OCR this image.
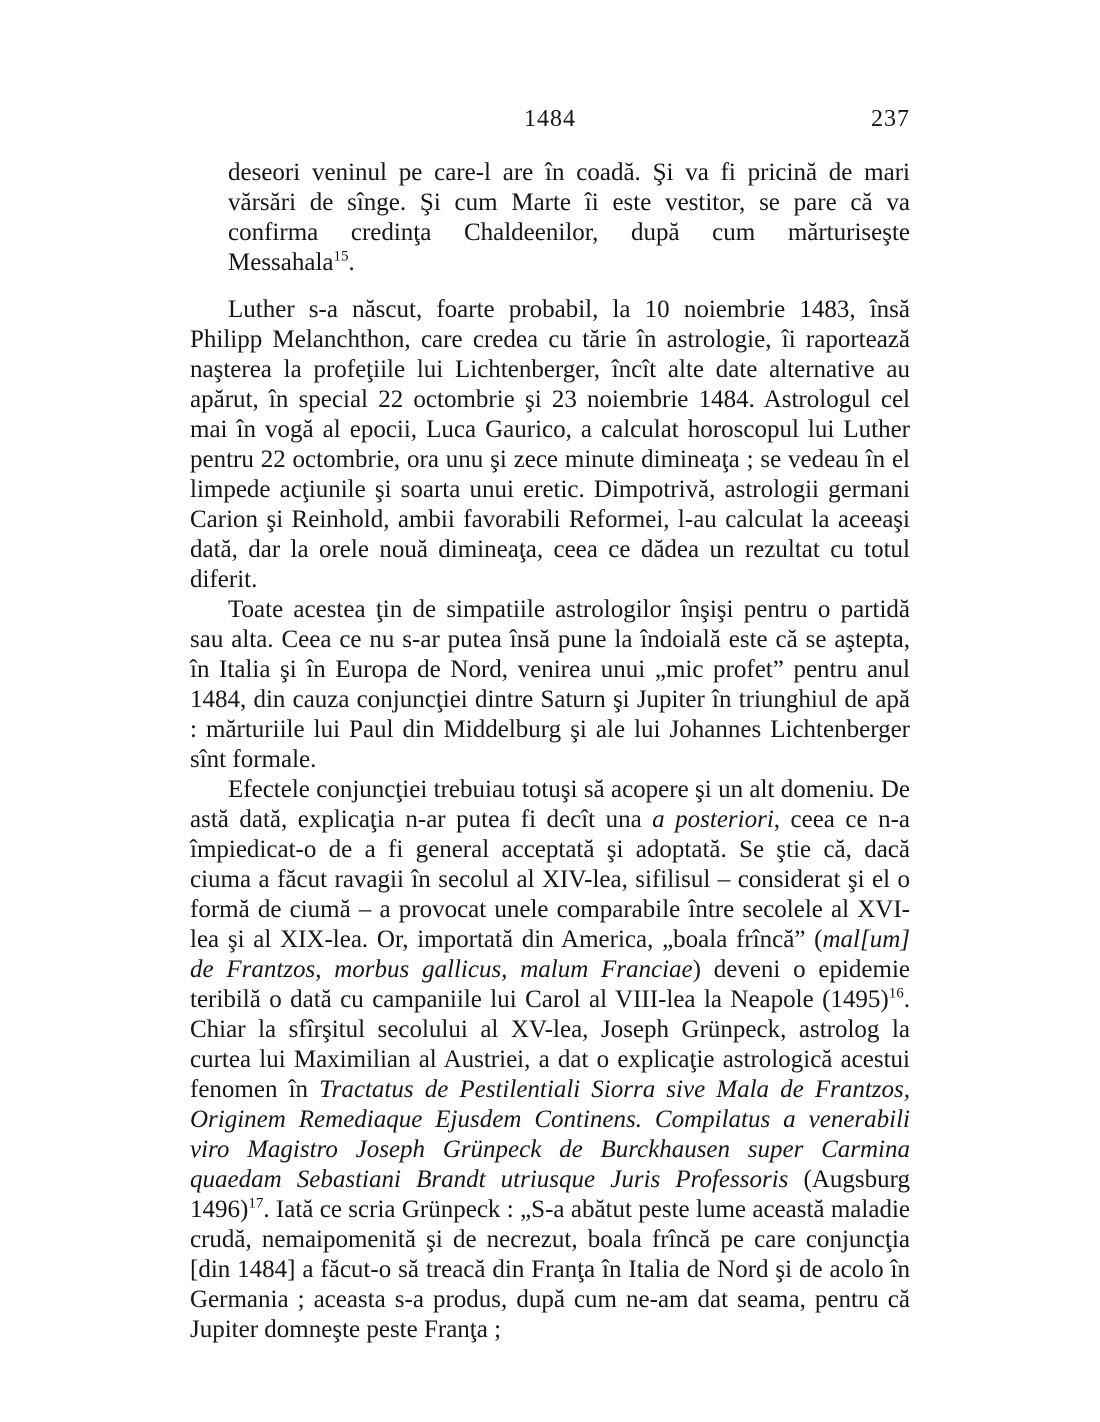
1484	237
deseori veninul pe care-l are în coadă. Şi va fi pricină de mari vărsări de sînge. Şi cum Marte îi este vestitor, se pare că va confirma credinţa Chaldeenilor, după cum mărturiseşte Messahala$^{15}$.

Luther s-a născut, foarte probabil, la 10 noiembrie 1483, însă Philipp Melanchthon, care credea cu tărie în astrologie, îi raportează naşterea la profeţiile lui Lichtenberger, încît alte date alternative au apărut, în special 22 octombrie şi 23 noiembrie 1484. Astrologul cel mai în vogă al epocii, Luca Gaurico, a calculat horoscopul lui Luther pentru 22 octombrie, ora unu şi zece minute dimineaţa ; se vedeau în el limpede acţiunile şi soarta unui eretic. Dimpotrivă, astrologii germani Carion şi Reinhold, ambii favorabili Reformei, l-au calculat la aceeaşi dată, dar la orele nouă dimineaţa, ceea ce dădea un rezultat cu totul diferit.

Toate acestea ţin de simpatiile astrologilor înşişi pentru o partidă sau alta. Ceea ce nu s-ar putea însă pune la îndoială este că se aştepta, în Italia şi în Europa de Nord, venirea unui „mic profet” pentru anul 1484, din cauza conjuncţiei dintre Saturn şi Jupiter în triunghiul de apă : mărturiile lui Paul din Middelburg şi ale lui Johannes Lichtenberger sînt formale.

Efectele conjuncţiei trebuiau totuşi să acopere şi un alt domeniu. De astă dată, explicaţia n-ar putea fi decît una a posteriori, ceea ce n-a împiedicat-o de a fi general acceptată şi adoptată. Se ştie că, dacă ciuma a făcut ravagii în secolul al XIV-lea, sifilisul – considerat şi el o formă de ciumă – a provocat unele comparabile între secolele al XVI-lea şi al XIX-lea. Or, importată din America, „boala frîncă” (mal[um] de Frantzos, morbus gallicus, malum Franciae) deveni o epidemie teribilă o dată cu campaniile lui Carol al VIII-lea la Neapole $(1495)^{16}$. Chiar la sfîrşitul secolului al XV-lea, Joseph Grünpeck, astrolog la curtea lui Maximilian al Austriei, a dat o explicaţie astrologică acestui fenomen în Tractatus de Pestilentiali Siorra sive Mala de Frantzos, Originem Remediaque Ejusdem Continens. Compilatus a venerabili viro Magistro Joseph Grünpeck de Burckhausen super Carmina quaedam Sebastiani Brandt utriusque Juris Professoris (Augsburg 1496)$^{17}$. Iată ce scria Grünpeck : „S-a abătut peste lume această maladie crudă, nemaipomenită şi de necrezut, boala frîncă pe care conjuncţia [din 1484] a făcut-o să treacă din Franţa în Italia de Nord şi de acolo în Germania ; aceasta s-a produs, după cum ne-am dat seama, pentru că Jupiter domneşte peste Franţa ;
